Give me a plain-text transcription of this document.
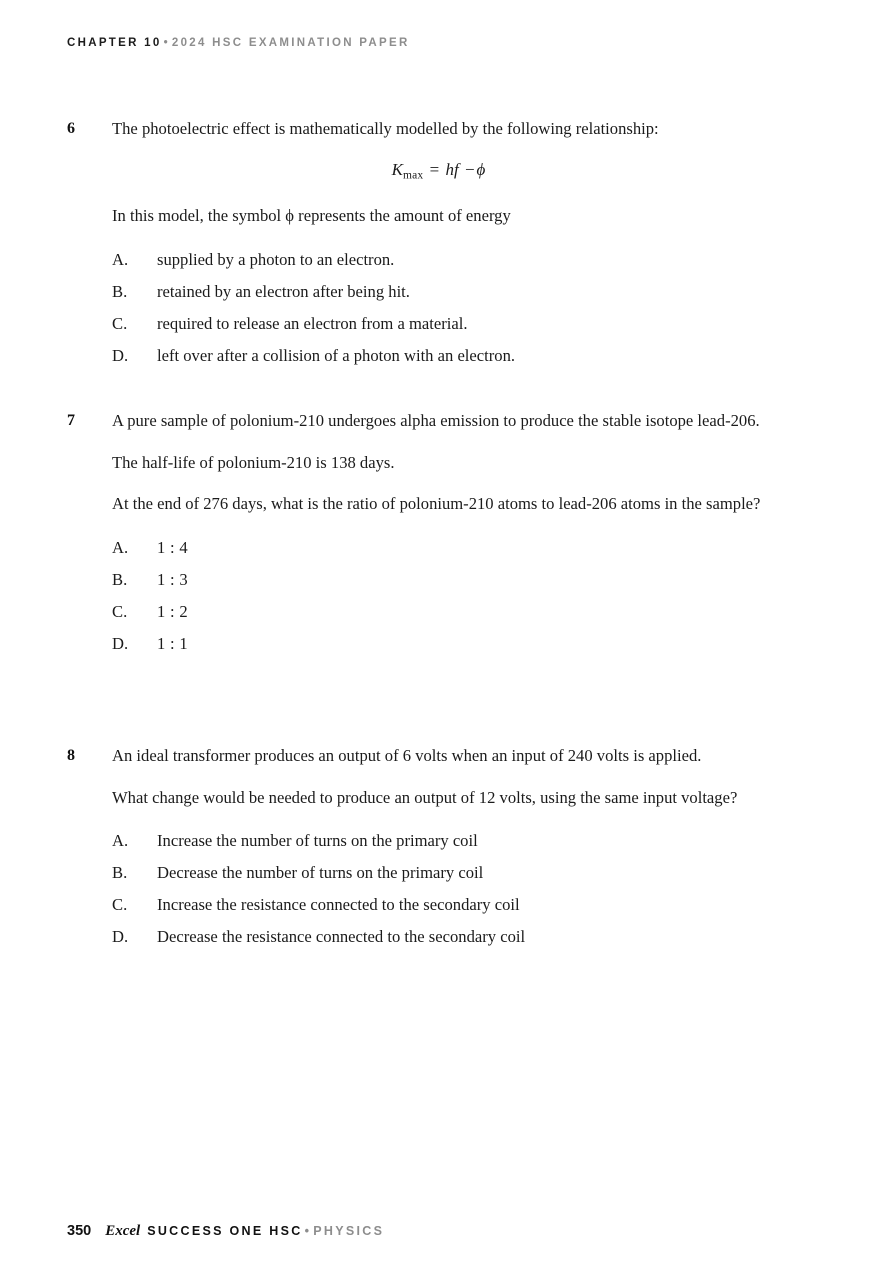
CHAPTER 10 • 2024 HSC EXAMINATION PAPER
6	The photoelectric effect is mathematically modelled by the following relationship:

$K_{max}$ = hf − ϕ

In this model, the symbol ϕ represents the amount of energy

A.	supplied by a photon to an electron.
B.	retained by an electron after being hit.
C.	required to release an electron from a material.
D.	left over after a collision of a photon with an electron.
7	A pure sample of polonium-210 undergoes alpha emission to produce the stable isotope lead-206.

The half-life of polonium-210 is 138 days.

At the end of 276 days, what is the ratio of polonium-210 atoms to lead-206 atoms in the sample?

A.	1 : 4
B.	1 : 3
C.	1 : 2
D.	1 : 1
8	An ideal transformer produces an output of 6 volts when an input of 240 volts is applied.

What change would be needed to produce an output of 12 volts, using the same input voltage?

A.	Increase the number of turns on the primary coil
B.	Decrease the number of turns on the primary coil
C.	Increase the resistance connected to the secondary coil
D.	Decrease the resistance connected to the secondary coil
350 Excel SUCCESS ONE HSC • PHYSICS
